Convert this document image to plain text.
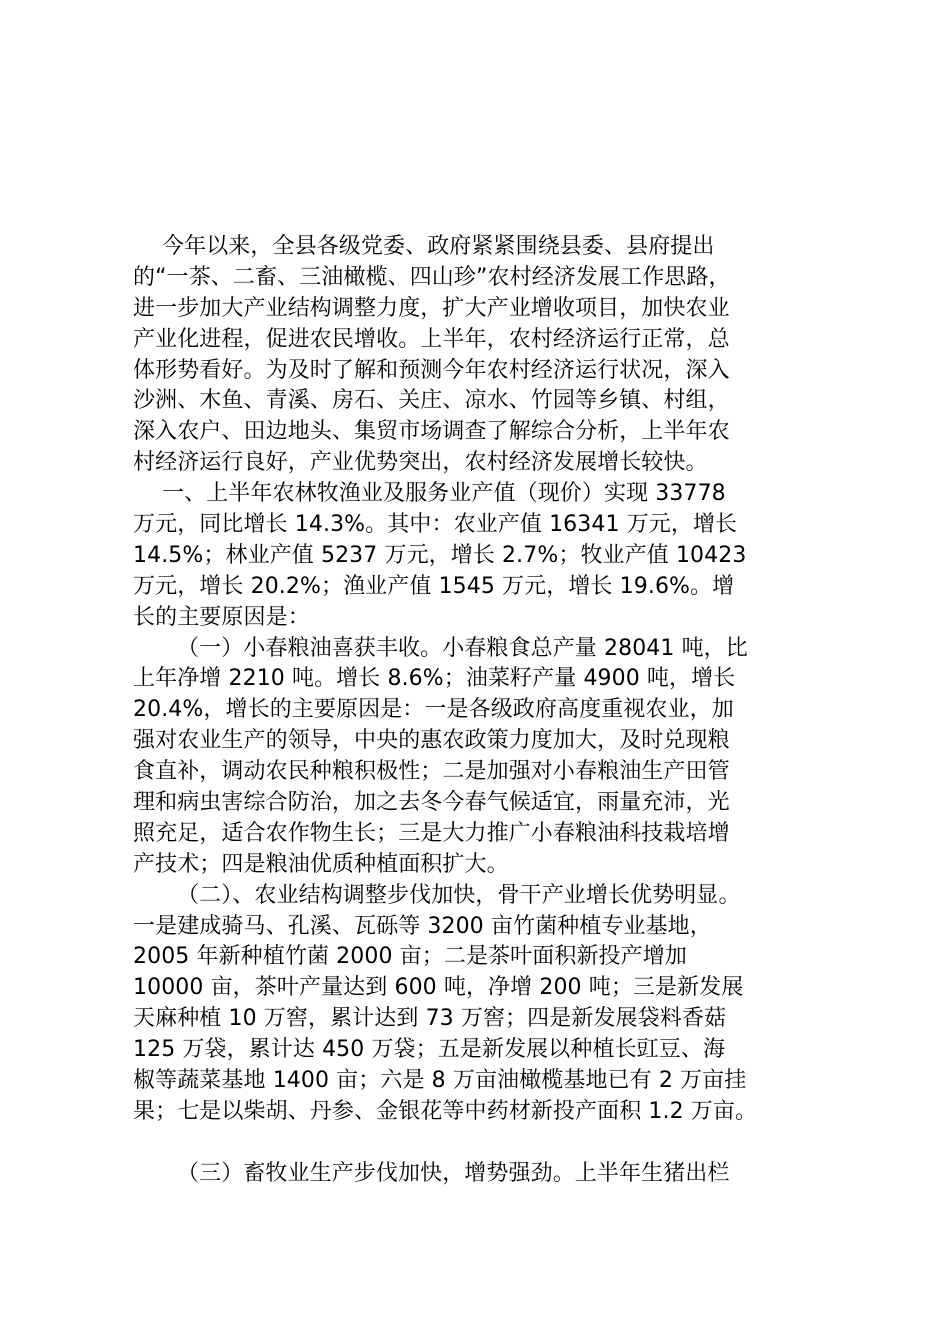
今年以来，全县各级党委、政府紧紧围绕县委、县府提出
的“一茶、二畜、三油橄榄、四山珍”农村经济发展工作思路，
进一步加大产业结构调整力度，扩大产业增收项目，加快农业
产业化进程，促进农民增收。上半年，农村经济运行正常，总
体形势看好。为及时了解和预测今年农村经济运行状况，深入
沙洲、木鱼、青溪、房石、关庄、凉水、竹园等乡镇、村组，
深入农户、田边地头、集贸市场调查了解综合分析，上半年农
村经济运行良好，产业优势突出，农村经济发展增长较快。
一、上半年农林牧渔业及服务业产值（现价）实现 33778
万元，同比增长 14.3%。其中：农业产值 16341 万元，增长
14.5%；林业产值 5237 万元，增长 2.7%；牧业产值 10423
万元，增长 20.2%；渔业产值 1545 万元，增长 19.6%。增
长的主要原因是：
（一）小春粮油喜获丰收。小春粮食总产量 28041 吨，比
上年净增 2210 吨。增长 8.6%；油菜籽产量 4900 吨，增长
20.4%，增长的主要原因是：一是各级政府高度重视农业，加
强对农业生产的领导，中央的惠农政策力度加大，及时兑现粮
食直补，调动农民种粮积极性；二是加强对小春粮油生产田管
理和病虫害综合防治，加之去冬今春气候适宜，雨量充沛，光
照充足，适合农作物生长；三是大力推广小春粮油科技栽培增
产技术；四是粮油优质种植面积扩大。
（二）、农业结构调整步伐加快，骨干产业增长优势明显。
一是建成骑马、孔溪、瓦砾等 3200 亩竹菌种植专业基地，
2005 年新种植竹菌 2000 亩；二是茶叶面积新投产增加
10000 亩，茶叶产量达到 600 吨，净增 200 吨；三是新发展
天麻种植 10 万窖，累计达到 73 万窖；四是新发展袋料香菇
125 万袋，累计达 450 万袋；五是新发展以种植长豇豆、海
椒等蔬菜基地 1400 亩；六是 8 万亩油橄榄基地已有 2 万亩挂
果；七是以柴胡、丹参、金银花等中药材新投产面积 1.2 万亩。
（三）畜牧业生产步伐加快，增势强劲。上半年生猪出栏
